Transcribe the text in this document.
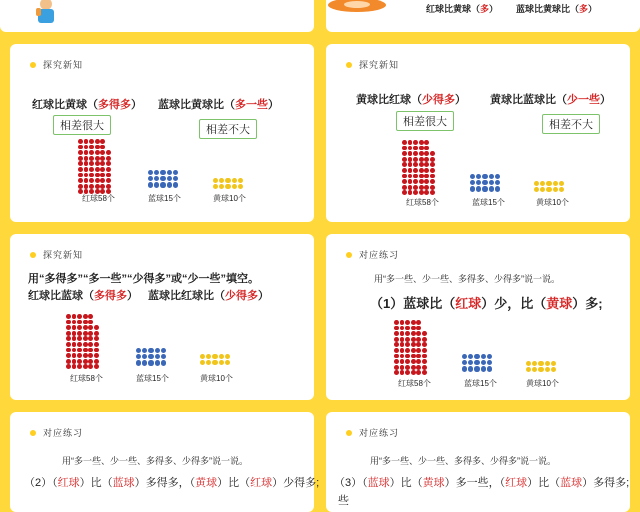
红球比黄球（多） 蓝球比黄球比（多）
探究新知
红球比黄球（多得多） 蓝球比黄球比（多一些）
相差很大	相差不大
红球58个	蓝球15个	黄球10个
探究新知
黄球比红球（少得多） 黄球比蓝球比（少一些）
相差很大	相差不大
红球58个	蓝球15个	黄球10个
探究新知
用“多得多”“多一些”“少得多”或“少一些”填空。
红球比蓝球（多得多） 蓝球比红球比（少得多）
红球58个	蓝球15个	黄球10个
对应练习
用“多一些、少一些、多得多、少得多”说一说。
（1）蓝球比（红球）少，比（黄球）多;
红球58个	蓝球15个	黄球10个
对应练习
用“多一些、少一些、多得多、少得多”说一说。
（2）（红球）比（蓝球）多得多，（黄球）比（红球）少得多;
对应练习
用“多一些、少一些、多得多、少得多”说一说。
（3）（蓝球）比（黄球）多一些，（红球）比（蓝球）多得多;
些
